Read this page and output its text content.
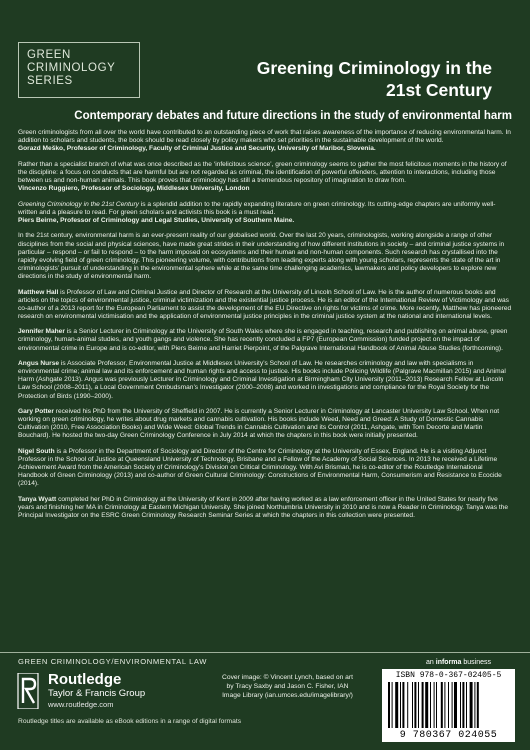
GREEN
CRIMINOLOGY
SERIES
Greening Criminology in the
21st Century
Contemporary debates and future directions in the study of environmental harm

Green criminologists from all over the world have contributed to an outstanding piece of work that raises awareness of the importance of reducing environmental harm. In addition to scholars and students, the book should be read closely by policy makers who set priorities in the sustainable development of the world.
Gorazd Meško, Professor of Criminology, Faculty of Criminal Justice and Security, University of Maribor, Slovenia.

Rather than a specialist branch of what was once described as the ‘infelicitous science’, green criminology seems to gather the most felicitous moments in the history of the discipline: a focus on conducts that are harmful but are not regarded as criminal, the identification of powerful offenders, attention to interactions, including those between us and non-human animals. This book proves that criminology has still a tremendous repository of imagination to draw from.
Vincenzo Ruggiero, Professor of Sociology, Middlesex University, London

Greening Criminology in the 21st Century is a splendid addition to the rapidly expanding literature on green criminology. Its cutting-edge chapters are uniformly well-written and a pleasure to read. For green scholars and activists this book is a must read.
Piers Beirne, Professor of Criminology and Legal Studies, University of Southern Maine.

In the 21st century, environmental harm is an ever-present reality of our globalised world. Over the last 20 years, criminologists, working alongside a range of other disciplines from the social and physical sciences, have made great strides in their understanding of how different institutions in society – and criminal justice systems in particular – respond – or fail to respond – to the harm imposed on ecosystems and their human and non-human components. Such research has crystallised into the rapidly evolving field of green criminology. This pioneering volume, with contributions from leading experts along with young scholars, represents the state of the art in criminologists’ pursuit of understanding in the environmental sphere while at the same time challenging academics, lawmakers and policy developers to explore new directions in the study of environmental harm.

Matthew Hall is Professor of Law and Criminal Justice and Director of Research at the University of Lincoln School of Law. He is the author of numerous books and articles on the topics of environmental justice, criminal victimization and the existential justice process. He is an editor of the International Review of Victimology and was co-author of a 2013 report for the European Parliament to assist the development of the EU Directive on rights for victims of crime. More recently, Matthew has pioneered research on environmental victimisation and the application of environmental justice principles in the criminal justice system at the national and international levels.

Jennifer Maher is a Senior Lecturer in Criminology at the University of South Wales where she is engaged in teaching, research and publishing on animal abuse, green criminology, human-animal studies, and youth gangs and violence. She has recently concluded a FP7 (European Commission) funded project on the impact of environmental crime in Europe and is co-editor, with Piers Beirne and Harriet Pierpoint, of the Palgrave International Handbook of Animal Abuse Studies (forthcoming).

Angus Nurse is Associate Professor, Environmental Justice at Middlesex University’s School of Law. He researches criminology and law with specialisms in environmental crime; animal law and its enforcement and human rights and access to justice. His books include Policing Wildlife (Palgrave Macmillan 2015) and Animal Harm (Ashgate 2013). Angus was previously Lecturer in Criminology and Criminal Investigation at Birmingham City University (2011–2013) Research Fellow at Lincoln Law School (2008–2011), a Local Government Ombudsman’s Investigator (2000–2008) and worked in investigations and compliance for the Royal Society for the Protection of Birds (1990–2000).

Gary Potter received his PhD from the University of Sheffield in 2007. He is currently a Senior Lecturer in Criminology at Lancaster University Law School. When not working on green criminology, he writes about drug markets and cannabis cultivation. His books include Weed, Need and Greed: A Study of Domestic Cannabis Cultivation (2010, Free Association Books) and Wide Weed: Global Trends in Cannabis Cultivation and its Control (2011, Ashgate, with Tom Decorte and Martin Bouchard). He hosted the two-day Green Criminology Conference in July 2014 at which the chapters in this book were initially presented.

Nigel South is a Professor in the Department of Sociology and Director of the Centre for Criminology at the University of Essex, England. He is a visiting Adjunct Professor in the School of Justice at Queensland University of Technology, Brisbane and a Fellow of the Academy of Social Sciences. In 2013 he received a Lifetime Achievement Award from the American Society of Criminology’s Division on Critical Criminology. With Avi Brisman, he is co-editor of the Routledge International Handbook of Green Criminology (2013) and co-author of Green Cultural Criminology: Constructions of Environmental Harm, Consumerism and Resistance to Ecocide (2014).

Tanya Wyatt completed her PhD in Criminology at the University of Kent in 2009 after having worked as a law enforcement officer in the United States for nearly five years and finishing her MA in Criminology at Eastern Michigan University. She joined Northumbria University in 2010 and is now a Reader in Criminology. Tanya was the Principal Investigator on the ESRC Green Criminology Research Seminar Series at which the chapters in this collection were presented.

GREEN CRIMINOLOGY/ENVIRONMENTAL LAW
Routledge
Taylor & Francis Group
www.routledge.com
Routledge titles are available as eBook editions in a range of digital formats
Cover image: © Vincent Lynch, based on art by Tracy Saxby and Jason C. Fisher, IAN Image Library (ian.umces.edu/imagelibrary/)
an informa business
ISBN 978-0-367-02405-5
9 780367 024055
